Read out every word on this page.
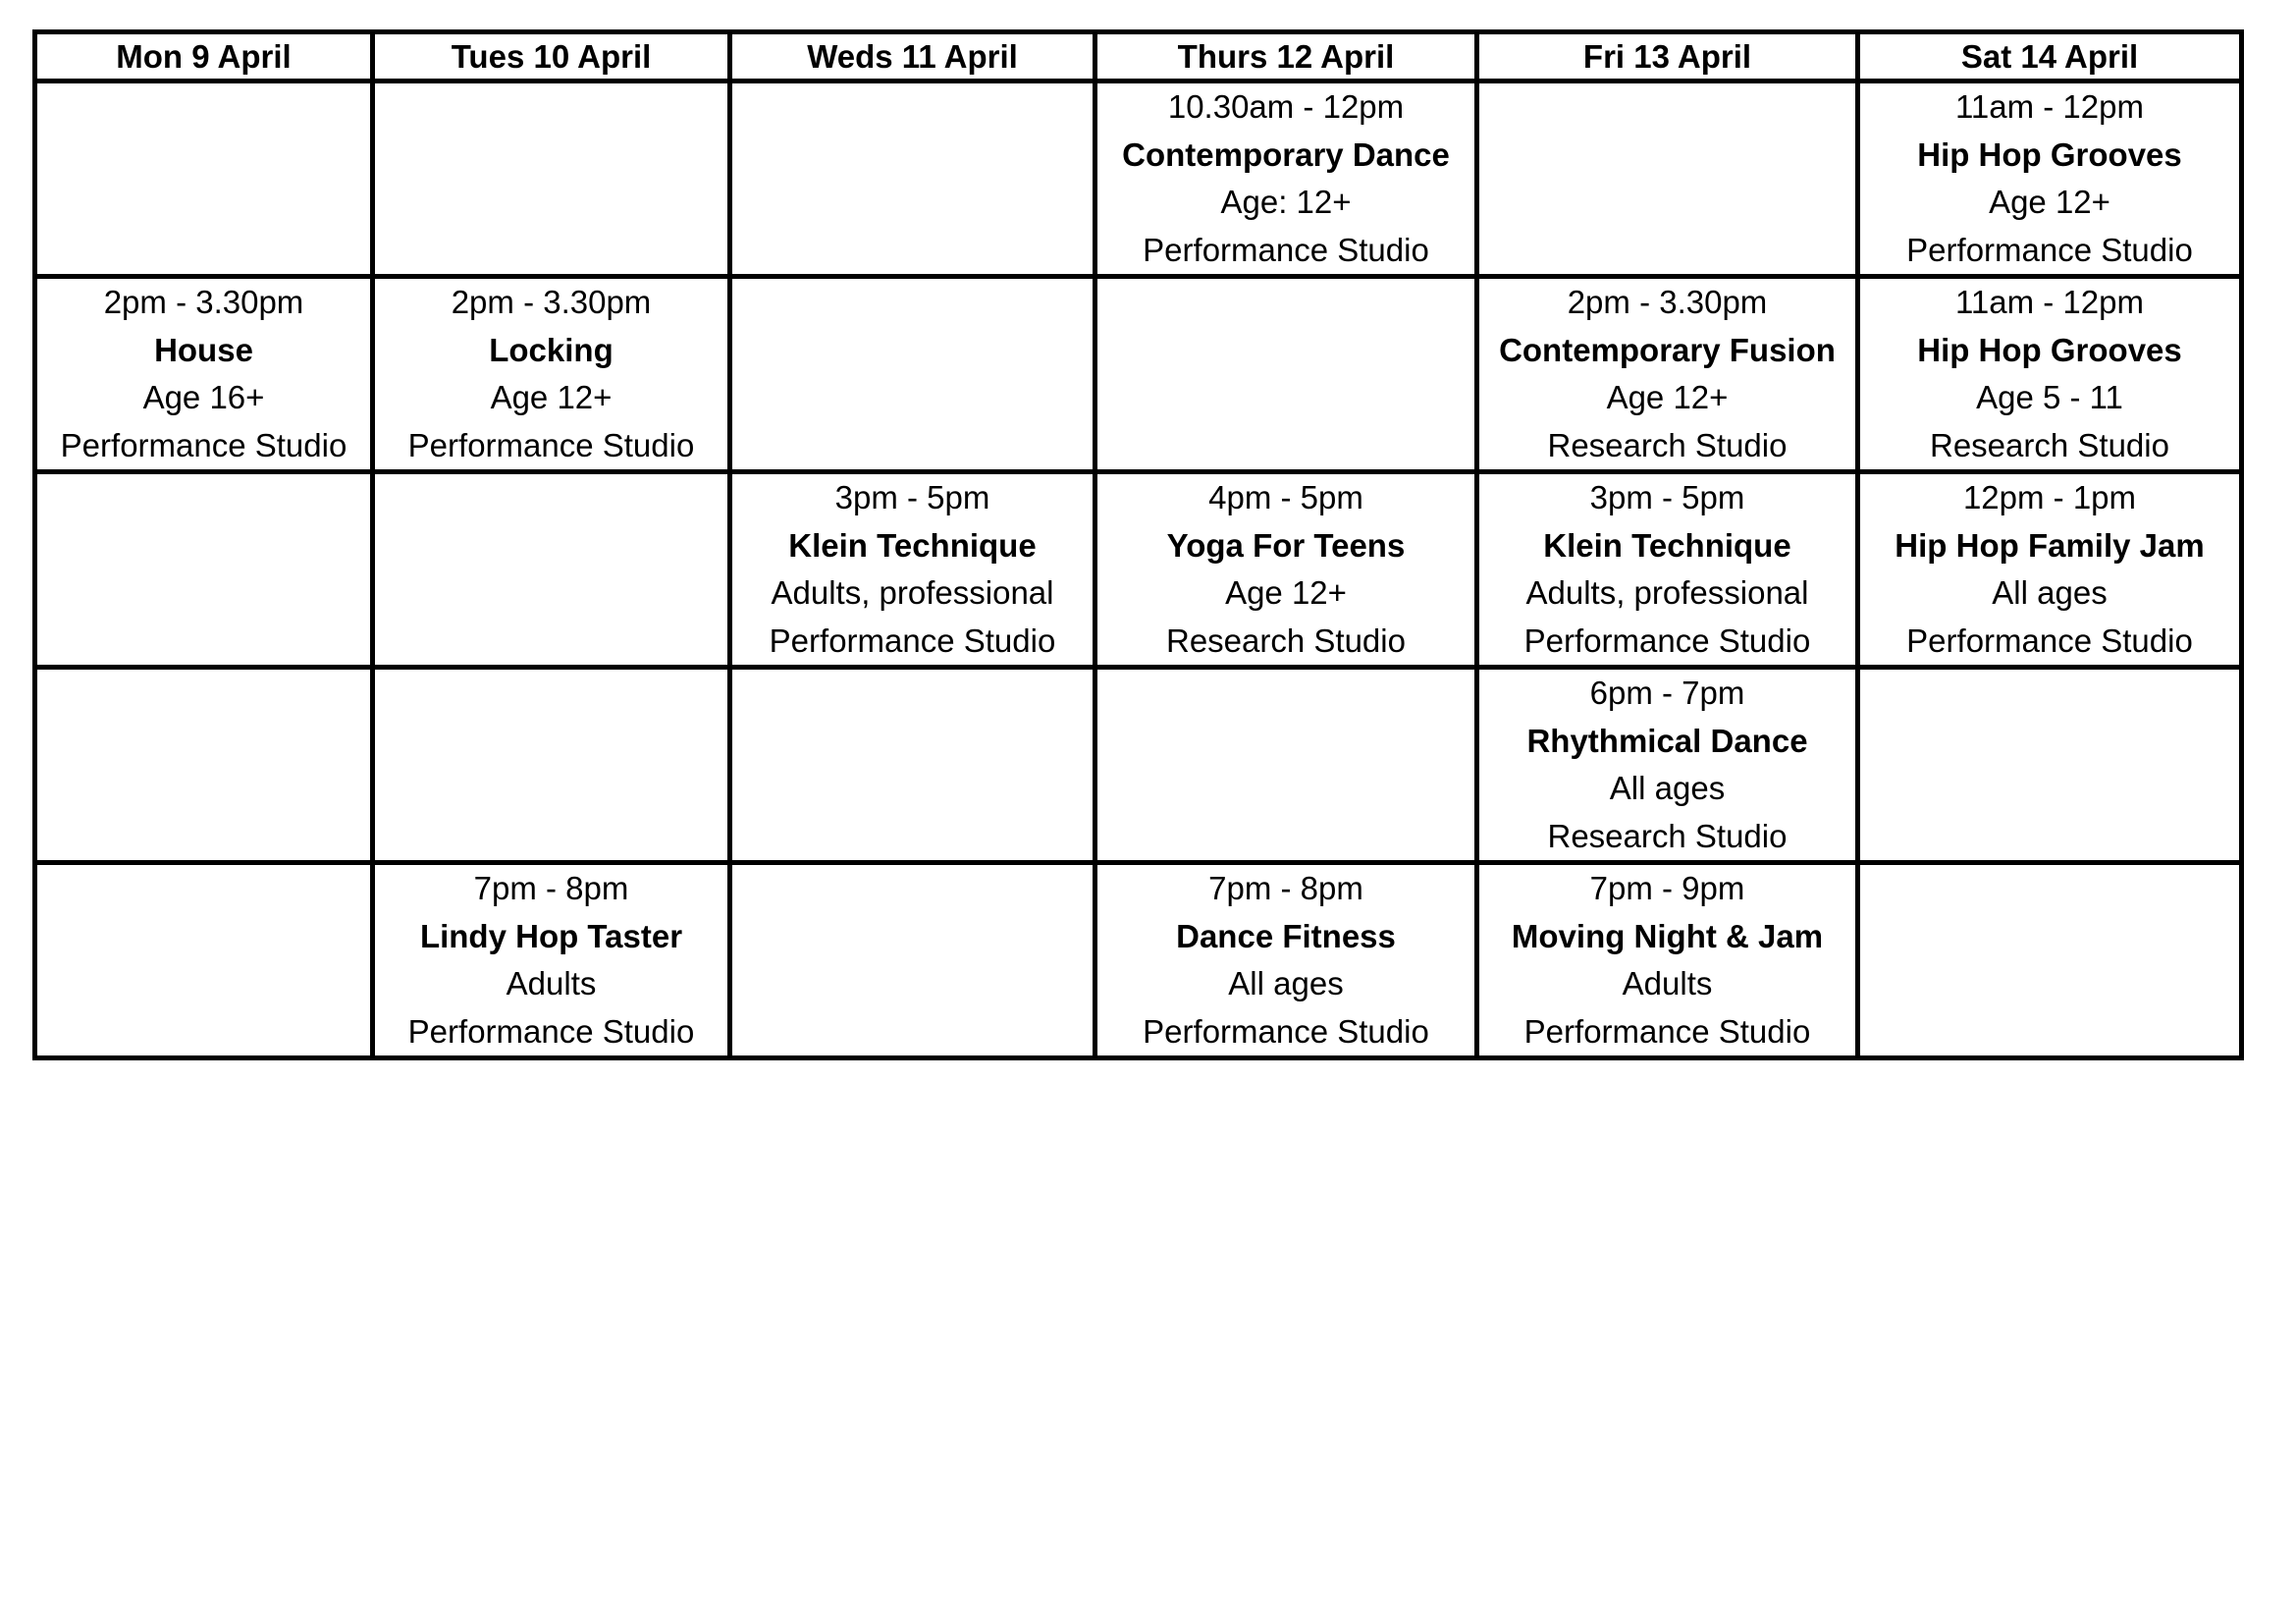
Mon 9 April	Tues 10 April	Weds 11 April	Thurs 12 April	Fri 13 April	Sat 14 April

			10.30am - 12pm
Contemporary Dance
Age: 12+
Performance Studio		11am - 12pm
Hip Hop Grooves
Age 12+
Performance Studio

2pm - 3.30pm
House
Age 16+
Performance Studio	2pm - 3.30pm
Locking
Age 12+
Performance Studio			2pm - 3.30pm
Contemporary Fusion
Age 12+
Research Studio	11am - 12pm
Hip Hop Grooves
Age 5 - 11
Research Studio

		3pm - 5pm
Klein Technique
Adults, professional
Performance Studio	4pm - 5pm
Yoga For Teens
Age 12+
Research Studio	3pm - 5pm
Klein Technique
Adults, professional
Performance Studio	12pm - 1pm
Hip Hop Family Jam
All ages
Performance Studio

				6pm - 7pm
Rhythmical Dance
All ages
Research Studio	

	7pm - 8pm
Lindy Hop Taster
Adults
Performance Studio		7pm - 8pm
Dance Fitness
All ages
Performance Studio	7pm - 9pm
Moving Night & Jam
Adults
Performance Studio	
